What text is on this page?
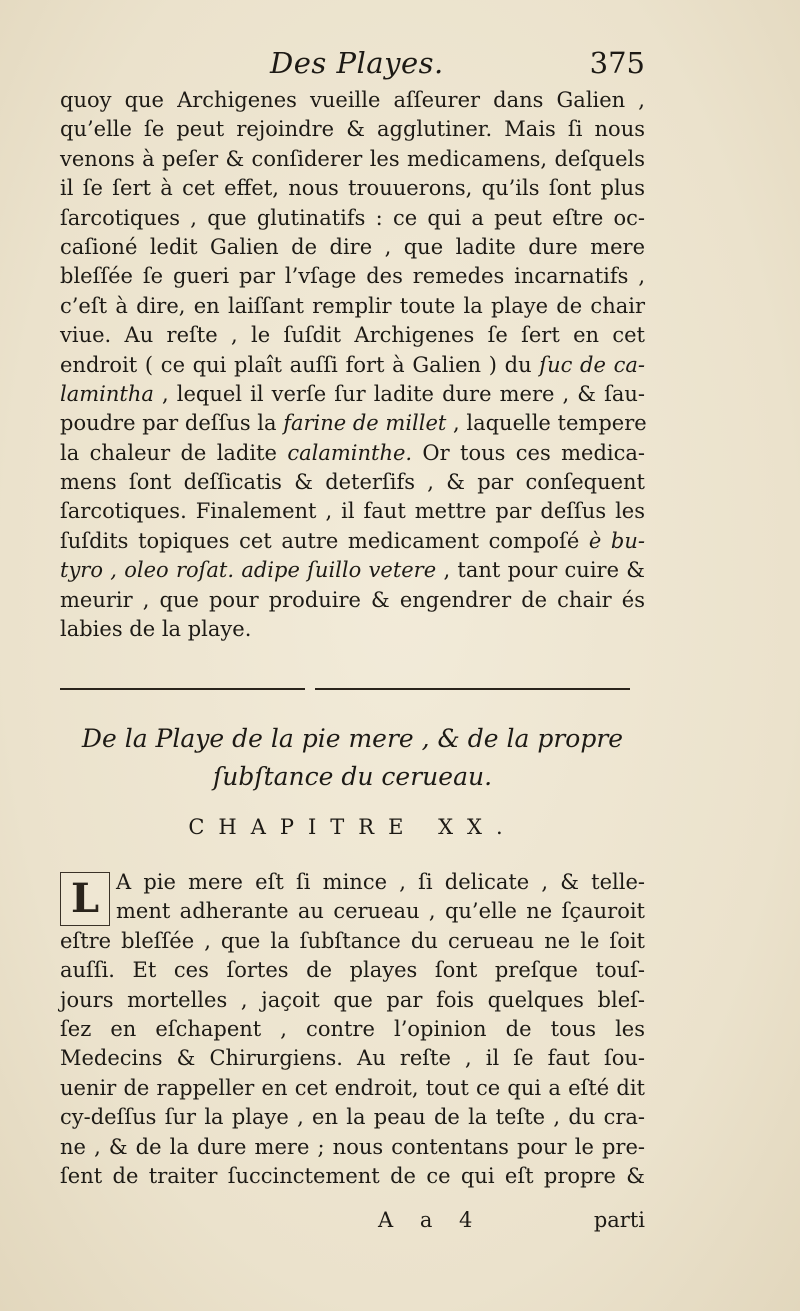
Des Playes.	375
quoy que Archigenes vueille aſſeurer dans Galien ,
qu’elle ſe peut rejoindre & agglutiner. Mais ſi nous
venons à peſer & conſiderer les medicamens, deſquels
il ſe ſert à cet effet, nous trouuerons, qu’ils ſont plus
ſarcotiques , que glutinatifs : ce qui a peut eſtre oc-
caſioné ledit Galien de dire , que ladite dure mere
bleſſée ſe gueri par l’vſage des remedes incarnatifs ,
c’eſt à dire, en laiſſant remplir toute la playe de chair
viue. Au reſte , le ſuſdit Archigenes ſe ſert en cet
endroit ( ce qui plaît auſſi fort à Galien ) du ſuc de ca-
lamintha , lequel il verſe ſur ladite dure mere , & ſau-
poudre par deſſus la farine de millet , laquelle tempere
la chaleur de ladite calaminthe. Or tous ces medica-
mens ſont deſſicatis & deterſifs , & par conſequent
ſarcotiques. Finalement , il faut mettre par deſſus les
ſuſdits topiques cet autre medicament compoſé è bu-
tyro , oleo roſat. adipe ſuillo vetere , tant pour cuire &
meurir , que pour produire & engendrer de chair és
labies de la playe.
De la Playe de la pie mere , & de la propre
ſubſtance du cerueau.
CHAPITRE XX.
L A pie mere eſt ſi mince , ſi delicate , & telle-
ment adherante au cerueau , qu’elle ne ſçauroit
eſtre bleſſée , que la ſubſtance du cerueau ne le ſoit
auſſi. Et ces ſortes de playes ſont preſque touſ-
jours mortelles , jaçoit que par fois quelques bleſ-
ſez en eſchapent , contre l’opinion de tous les
Medecins & Chirurgiens. Au reſte , il ſe faut ſou-
uenir de rappeller en cet endroit, tout ce qui a eſté dit
cy-deſſus ſur la playe , en la peau de la teſte , du cra-
ne , & de la dure mere ; nous contentans pour le pre-
ſent de traiter ſuccinctement de ce qui eſt propre &
A a 4	parti
